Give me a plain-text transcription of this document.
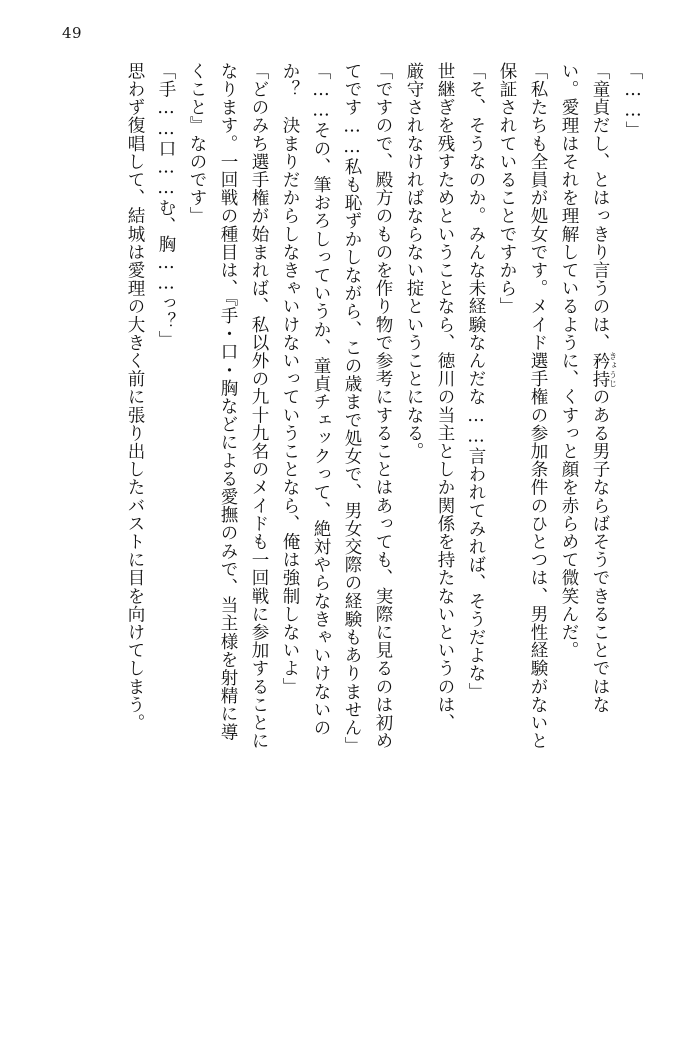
49
「……」
「童貞だし、とはっきり言うのは、矜持きょうじのある男子ならばそうできることではな
い。愛理はそれを理解しているように、くすっと顔を赤らめて微笑んだ。
「私たちも全員が処女です。メイド選手権の参加条件のひとつは、男性経験がないと
保証されていることですから」
「そ、そうなのか。みんな未経験なんだな……言われてみれば、そうだよな」
世継ぎを残すためということなら、徳川の当主としか関係を持たないというのは、
厳守されなければならない掟ということになる。
「ですので、殿方のものを作り物で参考にすることはあっても、実際に見るのは初め
てです……私も恥ずかしながら、この歳まで処女で、男女交際の経験もありません」
「……その、筆おろしっていうか、童貞チェックって、絶対やらなきゃいけないの
か？　決まりだからしなきゃいけないっていうことなら、俺は強制しないよ」
「どのみち選手権が始まれば、私以外の九十九名のメイドも一回戦に参加することに
なります。一回戦の種目は、『手・口・胸などによる愛撫のみで、当主様を射精に導
くこと』なのです」
「手……口……む、胸……っ？」
思わず復唱して、結城は愛理の大きく前に張り出したバストに目を向けてしまう。
